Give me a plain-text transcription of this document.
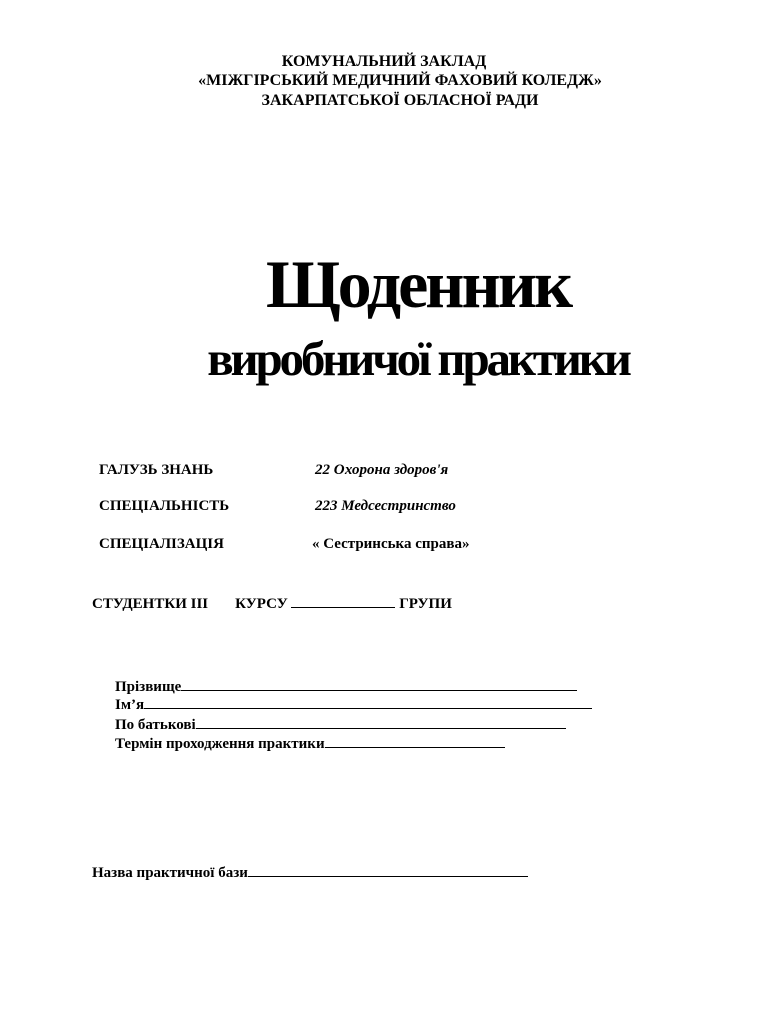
КОМУНАЛЬНИЙ ЗАКЛАД
«МІЖГІРСЬКИЙ МЕДИЧНИЙ ФАХОВИЙ КОЛЕДЖ»
ЗАКАРПАТСЬКОЇ ОБЛАСНОЇ РАДИ
Щоденник
виробничої практики
ГАЛУЗЬ ЗНАНЬ	22 Охорона здоров'я
СПЕЦІАЛЬНІСТЬ	223 Медсестринство
СПЕЦІАЛІЗАЦІЯ	« Сестринська справа»
СТУДЕНТКИ ІІІ КУРСУ	ГРУПИ
Прізвище
Ім’я
По батькові
Термін проходження практики
Назва практичної бази
